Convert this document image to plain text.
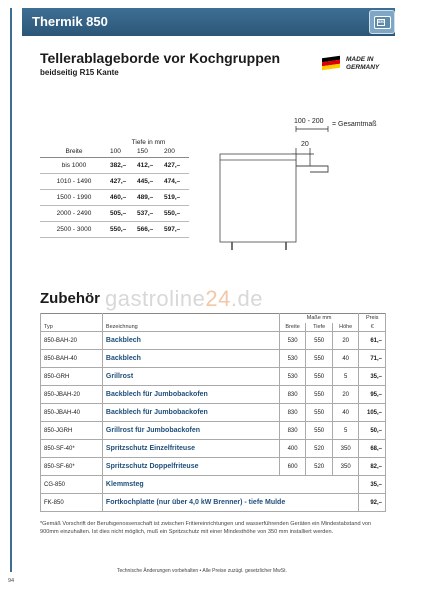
Thermik 850	850
Tellerablageborde vor Kochgruppen
beidseitig R15 Kante
MADE IN
GERMANY
	Tiefe in mm		
Breite	100	150	200
bis 1000	382,–	412,–	427,–
1010 - 1490	427,–	445,–	474,–
1500 - 1990	460,–	489,–	519,–
2000 - 2490	505,–	537,–	550,–
2500 - 3000	550,–	566,–	597,–
100 - 200 = Gesamtmaß
20
Zubehör gastroline24.de
		Maße mm			Preis
Typ	Bezeichnung	Breite	Tiefe	Höhe	€
850-BAH-20	Backblech	530	550	20	61,–
850-BAH-40	Backblech	530	550	40	71,–
850-GRH	Grillrost	530	550	5	35,–
850-JBAH-20	Backblech für Jumbobackofen	830	550	20	95,–
850-JBAH-40	Backblech für Jumbobackofen	830	550	40	105,–
850-JGRH	Grillrost für Jumbobackofen	830	550	5	50,–
850-SF-40*	Spritzschutz Einzelfriteuse	400	520	350	68,–
850-SF-60*	Spritzschutz Doppelfriteuse	600	520	350	82,–
CG-850	Klemmsteg				35,–
FK-850	Fortkochplatte (nur über 4,0 kW Brenner) - tiefe Mulde				92,–
*Gemäß Vorschrift der Berufsgenossenschaft ist zwischen Fritiereinrichtungen und wasserführenden Geräten ein Mindestabstand von 900mm einzuhalten. Ist dies nicht möglich, muß ein Spritzschutz mit einer Mindesthöhe von 350 mm installiert werden.
Technische Änderungen vorbehalten • Alle Preise zuzügl. gesetzlicher MwSt.
94
